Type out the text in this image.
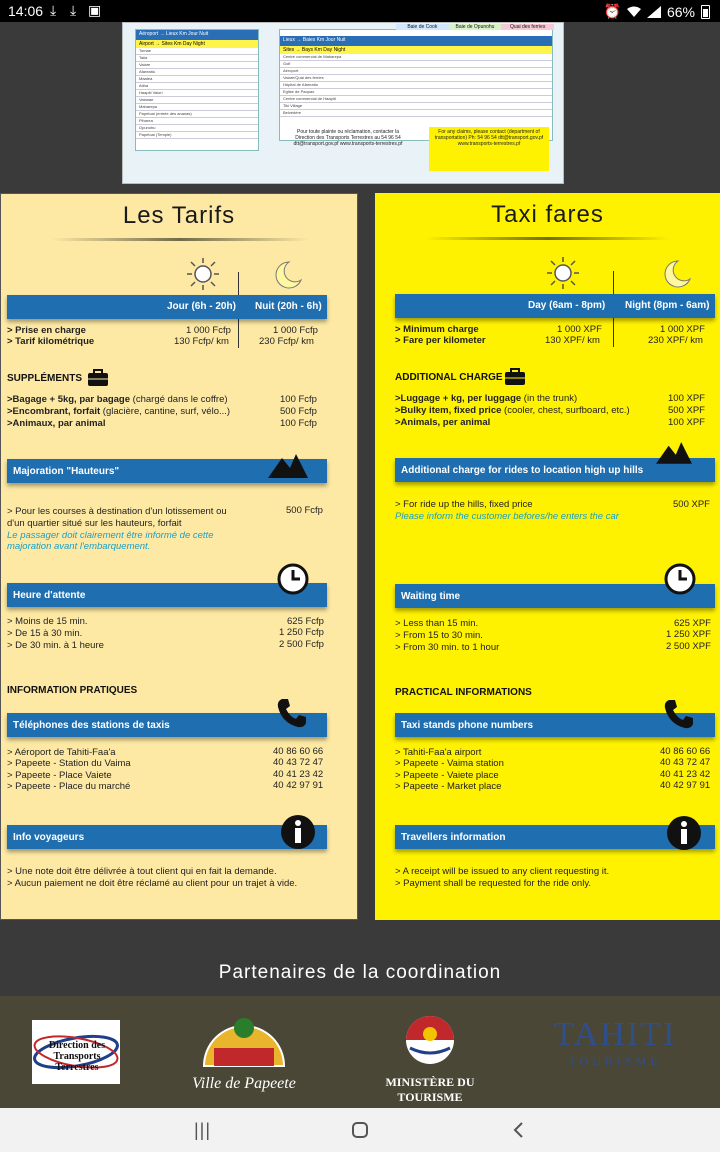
14:06 ⤓ ⤓ ▣	⏰	66%
Aéroport → Lieux Km Jour Nuit
Airport → Sites Km Day Night
Tomae
Taiia
Vaiare
Afareaitu
Maatea
Atiha
Haapiti Vaiori
Vaianae
Maharepa
Papetoai (entrée des ananas)
Piharea
Opunohu
Papetoai (Temple)
Baie de Cook	Baie de Opunohu	Quai des ferries
Lieux → Baies Km Jour Nuit
Sites → Bays Km Day Night
Centre commercial de Maharepa
Golf
Aéroport
Vaiare/Quai des ferries
Hôpital de Afareaitu
Eglise de Paopao
Centre commercial de Haapiti
Tiki Village
Belvédère
Pour toute plainte ou réclamation, contacter la Direction des Transports Terrestres au 54 96 54 dtt@transport.gov.pf www.transports-terrestres.pf
For any claims, please contact (department of transportation) Ph: 54 96 54 dtt@transport.gov.pf www.transports-terrestres.pf
Les Tarifs
Jour (6h - 20h) Nuit (20h - 6h)
> Prise en charge	1 000 Fcfp	1 000 Fcfp
> Tarif kilométrique	130 Fcfp/ km	230 Fcfp/ km
SUPPLÉMENTS
>Bagage + 5kg, par bagage (chargé dans le coffre)	100 Fcfp
>Encombrant, forfait (glacière, cantine, surf, vélo...)	500 Fcfp
>Animaux, par animal	100 Fcfp
Majoration "Hauteurs"
> Pour les courses à destination d'un lotissement ou	500 Fcfp
d'un quartier situé sur les hauteurs, forfait
Le passager doit clairement être informé de cette
majoration avant l'embarquement.
Heure d'attente
> Moins de 15 min.	625 Fcfp
> De 15 à 30 min.	1 250 Fcfp
> De 30 min. à 1 heure	2 500 Fcfp
INFORMATION PRATIQUES
Téléphones des stations de taxis
> Aéroport de Tahiti-Faa'a	40 86 60 66
> Papeete - Station du Vaima	40 43 72 47
> Papeete - Place Vaiete	40 41 23 42
> Papeete - Place du marché	40 42 97 91
Info voyageurs
> Une note doit être délivrée à tout client qui en fait la demande.
> Aucun paiement ne doit être réclamé au client pour un trajet à vide.
Taxi fares
Day (6am - 8pm) Night (8pm - 6am)
> Minimum charge	1 000 XPF	1 000 XPF
> Fare per kilometer	130 XPF/ km	230 XPF/ km
ADDITIONAL CHARGE
>Luggage + kg, per luggage (in the trunk)	100 XPF
>Bulky item, fixed price (cooler, chest, surfboard, etc.)	500 XPF
>Animals, per animal	100 XPF
Additional charge for rides to location high up hills
> For ride up the hills, fixed price	500 XPF
Please inform the customer befores/he enters the car
Waiting time
> Less than 15 min.	625 XPF
> From 15 to 30 min.	1 250 XPF
> From 30 min. to 1 hour	2 500 XPF
PRACTICAL INFORMATIONS
Taxi stands phone numbers
> Tahiti-Faa'a airport	40 86 60 66
> Papeete - Vaima station	40 43 72 47
> Papeete - Vaiete place	40 41 23 42
> Papeete - Market place	40 42 97 91
Travellers information
> A receipt will be issued to any client requesting it.
> Payment shall be requested for the ride only.
Partenaires de la coordination
Direction des Transports Terrestres
Ville de Papeete	MINISTÈRE DU TOURISME
TAHITI
TOURISME
|||
